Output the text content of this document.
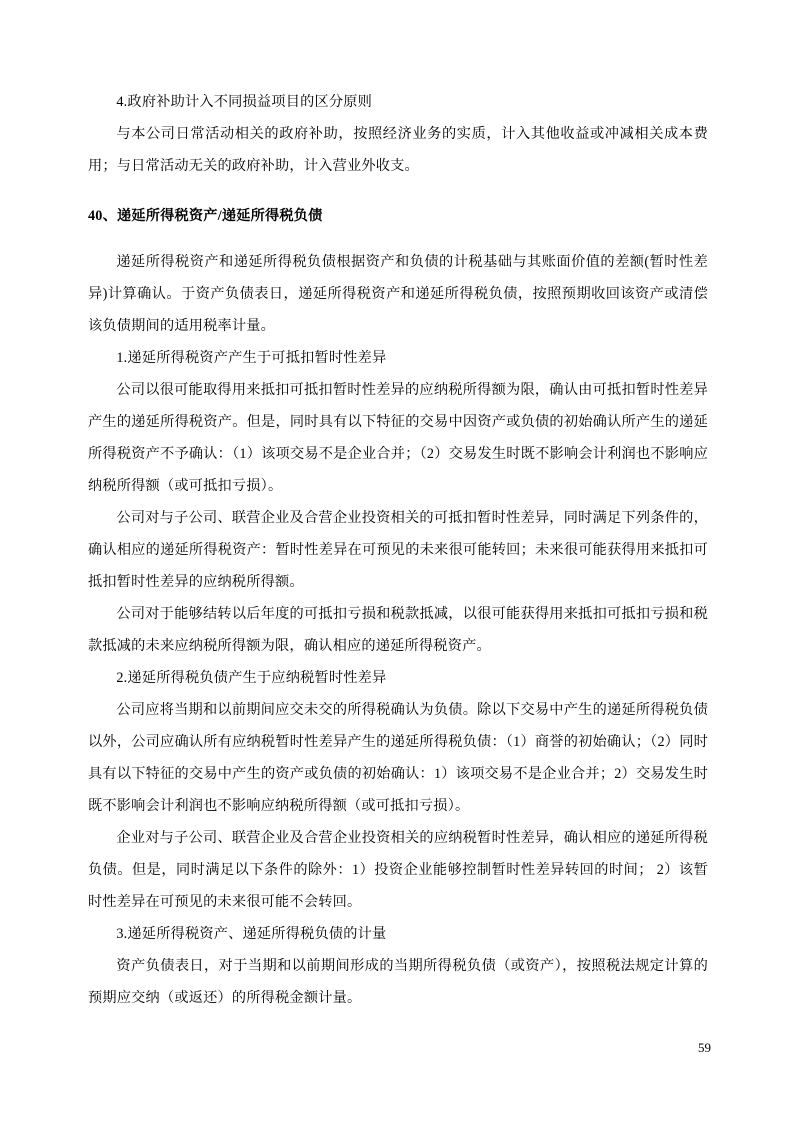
4.政府补助计入不同损益项目的区分原则

与本公司日常活动相关的政府补助，按照经济业务的实质，计入其他收益或冲减相关成本费用；与日常活动无关的政府补助，计入营业外收支。

40、递延所得税资产/递延所得税负债

递延所得税资产和递延所得税负债根据资产和负债的计税基础与其账面价值的差额(暂时性差异)计算确认。于资产负债表日，递延所得税资产和递延所得税负债，按照预期收回该资产或清偿该负债期间的适用税率计量。

1.递延所得税资产产生于可抵扣暂时性差异

公司以很可能取得用来抵扣可抵扣暂时性差异的应纳税所得额为限，确认由可抵扣暂时性差异产生的递延所得税资产。但是，同时具有以下特征的交易中因资产或负债的初始确认所产生的递延所得税资产不予确认：（1）该项交易不是企业合并；（2）交易发生时既不影响会计利润也不影响应纳税所得额（或可抵扣亏损）。

公司对与子公司、联营企业及合营企业投资相关的可抵扣暂时性差异，同时满足下列条件的，确认相应的递延所得税资产：暂时性差异在可预见的未来很可能转回；未来很可能获得用来抵扣可抵扣暂时性差异的应纳税所得额。

公司对于能够结转以后年度的可抵扣亏损和税款抵减，以很可能获得用来抵扣可抵扣亏损和税款抵减的未来应纳税所得额为限，确认相应的递延所得税资产。

2.递延所得税负债产生于应纳税暂时性差异

公司应将当期和以前期间应交未交的所得税确认为负债。除以下交易中产生的递延所得税负债以外，公司应确认所有应纳税暂时性差异产生的递延所得税负债：（1）商誉的初始确认；（2）同时具有以下特征的交易中产生的资产或负债的初始确认：1）该项交易不是企业合并；2）交易发生时既不影响会计利润也不影响应纳税所得额（或可抵扣亏损）。

企业对与子公司、联营企业及合营企业投资相关的应纳税暂时性差异，确认相应的递延所得税负债。但是，同时满足以下条件的除外：1）投资企业能够控制暂时性差异转回的时间； 2）该暂时性差异在可预见的未来很可能不会转回。

3.递延所得税资产、递延所得税负债的计量

资产负债表日，对于当期和以前期间形成的当期所得税负债（或资产），按照税法规定计算的预期应交纳（或返还）的所得税金额计量。

59
